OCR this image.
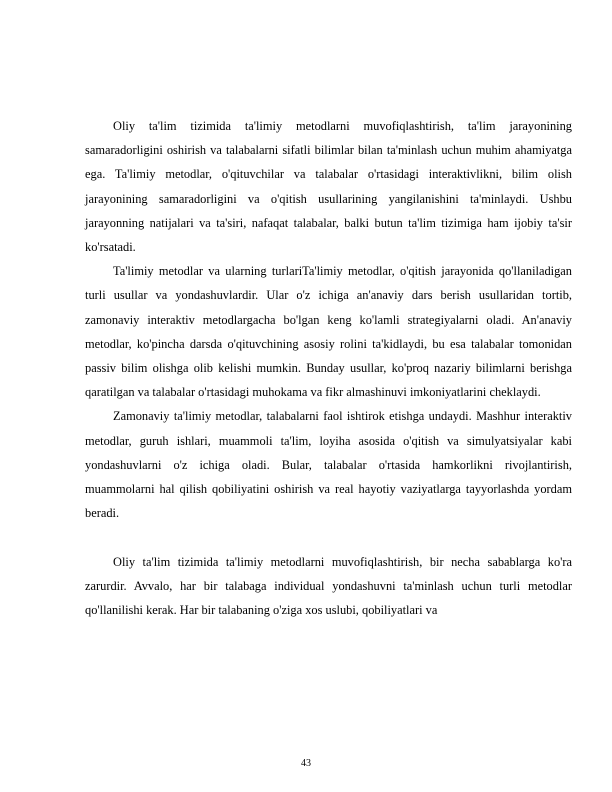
Oliy ta'lim tizimida ta'limiy metodlarni muvofiqlashtirish, ta'lim jarayonining samaradorligini oshirish va talabalarni sifatli bilimlar bilan ta'minlash uchun muhim ahamiyatga ega. Ta'limiy metodlar, o'qituvchilar va talabalar o'rtasidagi interaktivlikni, bilim olish jarayonining samaradorligini va o'qitish usullarining yangilanishini ta'minlaydi. Ushbu jarayonning natijalari va ta'siri, nafaqat talabalar, balki butun ta'lim tizimiga ham ijobiy ta'sir ko'rsatadi.

Ta'limiy metodlar va ularning turlariTa'limiy metodlar, o'qitish jarayonida qo'llaniladigan turli usullar va yondashuvlardir. Ular o'z ichiga an'anaviy dars berish usullaridan tortib, zamonaviy interaktiv metodlargacha bo'lgan keng ko'lamli strategiyalarni oladi. An'anaviy metodlar, ko'pincha darsda o'qituvchining asosiy rolini ta'kidlaydi, bu esa talabalar tomonidan passiv bilim olishga olib kelishi mumkin. Bunday usullar, ko'proq nazariy bilimlarni berishga qaratilgan va talabalar o'rtasidagi muhokama va fikr almashinuvi imkoniyatlarini cheklaydi.

Zamonaviy ta'limiy metodlar, talabalarni faol ishtirok etishga undaydi. Mashhur interaktiv metodlar, guruh ishlari, muammoli ta'lim, loyiha asosida o'qitish va simulyatsiyalar kabi yondashuvlarni o'z ichiga oladi. Bular, talabalar o'rtasida hamkorlikni rivojlantirish, muammolarni hal qilish qobiliyatini oshirish va real hayotiy vaziyatlarga tayyorlashda yordam beradi.

Oliy ta'lim tizimida ta'limiy metodlarni muvofiqlashtirish, bir necha sabablarga ko'ra zarurdir. Avvalo, har bir talabaga individual yondashuvni ta'minlash uchun turli metodlar qo'llanilishi kerak. Har bir talabaning o'ziga xos uslubi, qobiliyatlari va

43
